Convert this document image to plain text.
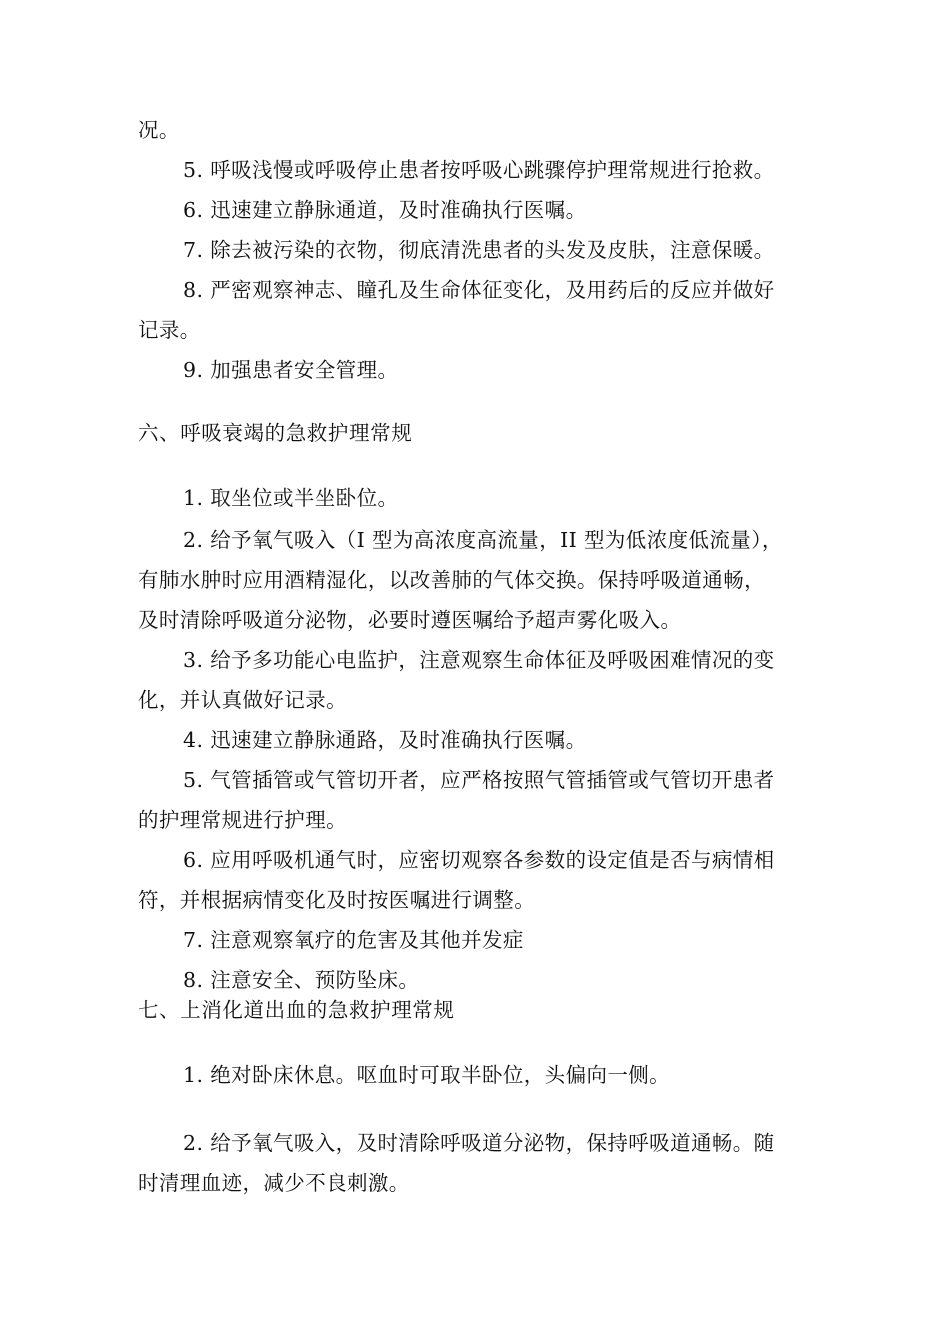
况。
5. 呼吸浅慢或呼吸停止患者按呼吸心跳骤停护理常规进行抢救。
6. 迅速建立静脉通道，及时准确执行医嘱。
7. 除去被污染的衣物，彻底清洗患者的头发及皮肤，注意保暖。
8. 严密观察神志、瞳孔及生命体征变化，及用药后的反应并做好
记录。
9. 加强患者安全管理。
六、呼吸衰竭的急救护理常规
1. 取坐位或半坐卧位。
2. 给予氧气吸入（I 型为高浓度高流量，II 型为低浓度低流量），
有肺水肿时应用酒精湿化，以改善肺的气体交换。保持呼吸道通畅，
及时清除呼吸道分泌物，必要时遵医嘱给予超声雾化吸入。
3. 给予多功能心电监护，注意观察生命体征及呼吸困难情况的变
化，并认真做好记录。
4. 迅速建立静脉通路，及时准确执行医嘱。
5. 气管插管或气管切开者，应严格按照气管插管或气管切开患者
的护理常规进行护理。
6. 应用呼吸机通气时，应密切观察各参数的设定值是否与病情相
符，并根据病情变化及时按医嘱进行调整。
7. 注意观察氧疗的危害及其他并发症
8. 注意安全、预防坠床。
七、上消化道出血的急救护理常规
1. 绝对卧床休息。呕血时可取半卧位，头偏向一侧。
2. 给予氧气吸入，及时清除呼吸道分泌物，保持呼吸道通畅。随
时清理血迹，减少不良刺激。
